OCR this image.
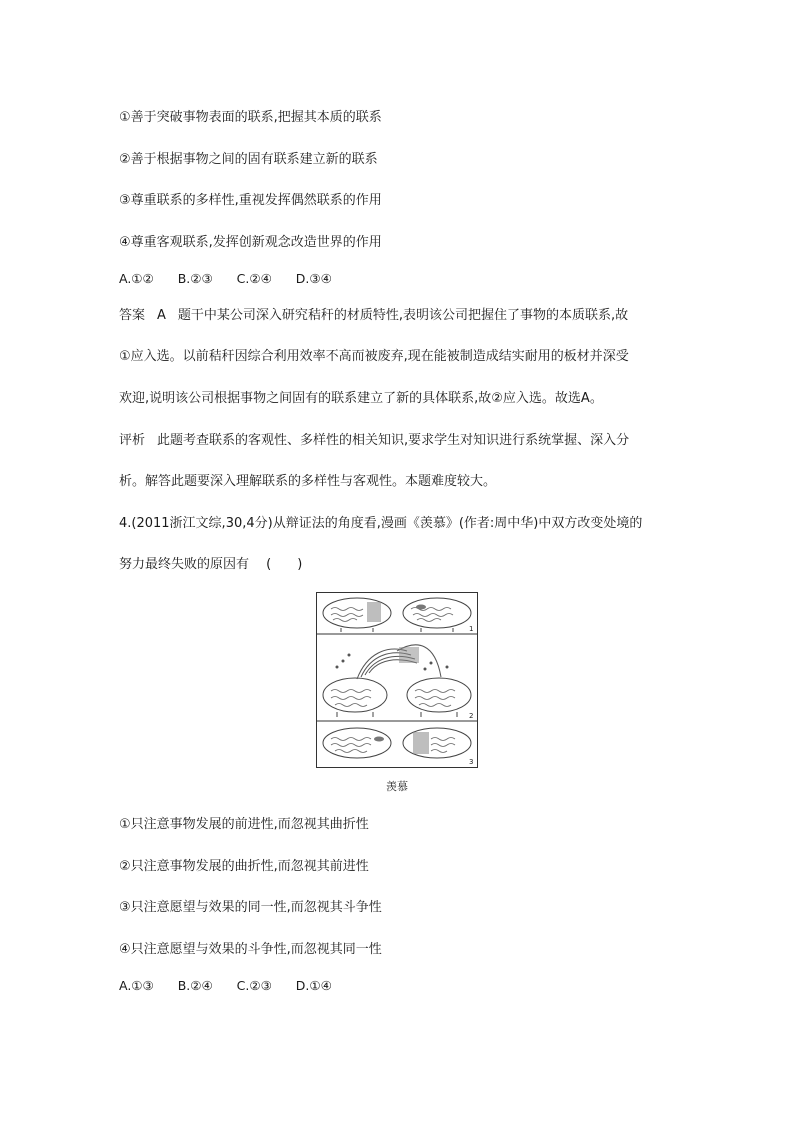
①善于突破事物表面的联系,把握其本质的联系
②善于根据事物之间的固有联系建立新的联系
③尊重联系的多样性,重视发挥偶然联系的作用
④尊重客观联系,发挥创新观念改造世界的作用
A.①② B.②③ C.②④ D.③④
答案 A 题干中某公司深入研究秸秆的材质特性,表明该公司把握住了事物的本质联系,故
①应入选。以前秸秆因综合利用效率不高而被废弃,现在能被制造成结实耐用的板材并深受
欢迎,说明该公司根据事物之间固有的联系建立了新的具体联系,故②应入选。故选A。
评析 此题考查联系的客观性、多样性的相关知识,要求学生对知识进行系统掌握、深入分
析。解答此题要深入理解联系的多样性与客观性。本题难度较大。
4.(2011浙江文综,30,4分)从辩证法的角度看,漫画《羡慕》(作者:周中华)中双方改变处境的
努力最终失败的原因有　 (　　)
1
2
3
羡慕
①只注意事物发展的前进性,而忽视其曲折性
②只注意事物发展的曲折性,而忽视其前进性
③只注意愿望与效果的同一性,而忽视其斗争性
④只注意愿望与效果的斗争性,而忽视其同一性
A.①③ B.②④ C.②③ D.①④
